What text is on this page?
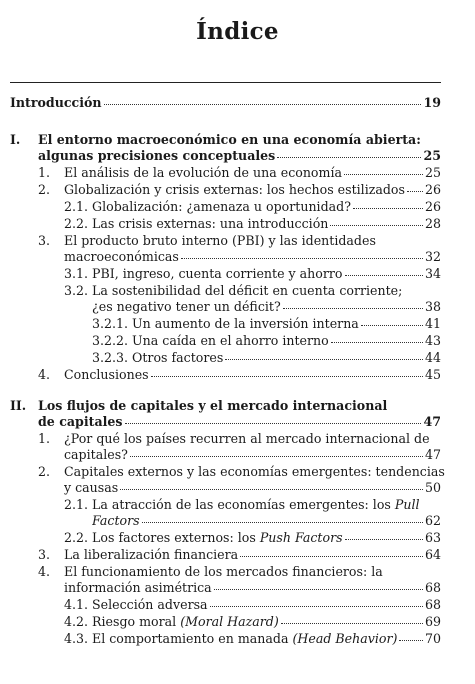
Índice
Introducción	19
I. El entorno macroeconómico en una economía abierta:
algunas precisiones conceptuales	25
1. El análisis de la evolución de una economía	25
2. Globalización y crisis externas: los hechos estilizados 26
2.1. Globalización: ¿amenaza u oportunidad?	26
2.2. Las crisis externas: una introducción	28
3. El producto bruto interno (PBI) y las identidades
macroeconómicas	32
3.1. PBI, ingreso, cuenta corriente y ahorro	34
3.2. La sostenibilidad del déficit en cuenta corriente;
¿es negativo tener un déficit?	38
3.2.1. Un aumento de la inversión interna	41
3.2.2. Una caída en el ahorro interno	43
3.2.3. Otros factores	44
4. Conclusiones	45
II. Los flujos de capitales y el mercado internacional
de capitales	47
1. ¿Por qué los países recurren al mercado internacional de
capitales?	47
2. Capitales externos y las economías emergentes: tendencias
y causas	50
2.1. La atracción de las economías emergentes: los Pull
Factors	62
2.2. Los factores externos: los Push Factors	63
3. La liberalización financiera	64
4. El funcionamiento de los mercados financieros: la
información asimétrica	68
4.1. Selección adversa	68
4.2. Riesgo moral (Moral Hazard)	69
4.3. El comportamiento en manada (Head Behavior) 70
